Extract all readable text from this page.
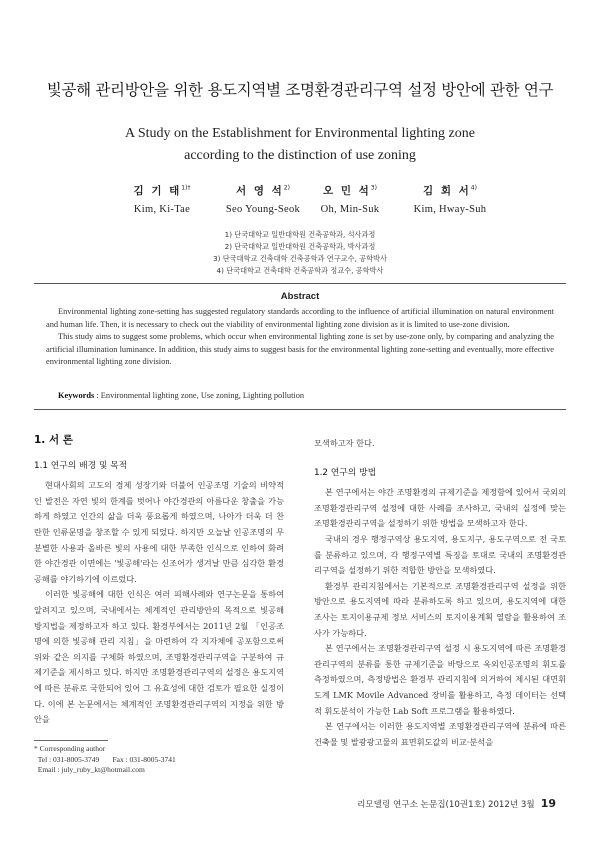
빛공해 관리방안을 위한 용도지역별 조명환경관리구역 설정 방안에 관한 연구
A Study on the Establishment for Environmental lighting zone
according to the distinction of use zoning
김 기 태$^{1)\dagger}$
Kim, Ki-Tae
서 영 석$^{2)}$
Seo Young-Seok
오 민 석$^{3)}$
Oh, Min-Suk
김 회 서$^{4)}$
Kim, Hway-Suh
1) 단국대학교 일반대학원 건축공학과, 석사과정
2) 단국대학교 일반대학원 건축공학과, 박사과정
3) 단국대학교 건축대학 건축공학과 연구교수, 공학박사
4) 단국대학교 건축대학 건축공학과 정교수, 공학박사
Abstract

Environmental lighting zone-setting has suggested regulatory standards according to the influence of artificial illumination on natural environment and human life. Then, it is necessary to check out the viability of environmental lighting zone division as it is limited to use-zone division.

This study aims to suggest some problems, which occur when environmental lighting zone is set by use-zone only, by comparing and analyzing the artificial illumination luminance. In addition, this study aims to suggest basis for the environmental lighting zone-setting and eventually, more effective environmental lighting zone division.

Keywords : Environmental lighting zone, Use zoning, Lighting pollution
1. 서 론
1.1 연구의 배경 및 목적

현대사회의 고도의 경제 성장기와 더불어 인공조명 기술의 비약적인 발전은 자연 빛의 한계를 벗어나 야간경관의 아름다운 창출을 가능하게 하였고 인간의 삶을 더욱 풍요롭게 하였으며, 나아가 더욱 더 찬란한 인류문명을 창조할 수 있게 되었다. 하지만 오늘날 인공조명의 무분별한 사용과 올바른 빛의 사용에 대한 부족한 인식으로 인하여 화려한 야간경관 이면에는 '빛공해'라는 신조어가 생겨날 만큼 심각한 환경공해를 야기하기에 이르렀다.

이러한 빛공해에 대한 인식은 여러 피해사례와 연구논문을 통하여 알려지고 있으며, 국내에서는 체계적인 관리방안의 목적으로 빛공해 방지법을 제정하고자 하고 있다. 환경부에서는 2011년 2월 「인공조명에 의한 빛공해 관리 지침」을 마련하여 각 지자체에 공포함으로써 위와 같은 의지를 구체화 하였으며, 조명환경관리구역을 구분하여 규제기준을 제시하고 있다. 하지만 조명환경관리구역의 설정은 용도지역에 따른 분류로 국한되어 있어 그 유효성에 대한 검토가 필요한 실정이다. 이에 본 논문에서는 체계적인 조명환경관리구역의 지정을 위한 방안을

모색하고자 한다.
1.2 연구의 방법

본 연구에서는 야간 조명환경의 규제기준을 제정함에 있어서 국외의 조명환경관리구역 설정에 대한 사례를 조사하고, 국내의 실정에 맞는 조명환경관리구역을 설정하기 위한 방법을 모색하고자 한다.

국내의 경우 행정구역상 용도지역, 용도지구, 용도구역으로 전 국토를 분류하고 있으며, 각 행정구역별 특징을 토대로 국내의 조명환경관리구역을 설정하기 위한 적합한 방안을 모색하였다.

환경부 관리지침에서는 기본적으로 조명환경관리구역 설정을 위한 방안으로 용도지역에 따라 분류하도록 하고 있으며, 용도지역에 대한 조사는 토지이용규제 정보 서비스의 토지이용계획 열람을 활용하여 조사가 가능하다.

본 연구에서는 조명환경관리구역 설정 시 용도지역에 따른 조명환경관리구역의 분류를 통한 규제기준을 바탕으로 옥외인공조명의 휘도를 측정하였으며, 측정방법은 환경부 관리지침에 의거하여 제시된 대면휘도계 LMK Movile Advanced 장비를 활용하고, 측정 데이터는 선택적 휘도분석이 가능한 Lab Soft 프로그램을 활용하였다.

본 연구에서는 이러한 용도지역별 조명환경관리구역에 분류에 따른 건축물 및 발광광고물의 표면휘도값의 비교·분석을

* Corresponding author
Tel : 031-8005-3749 Fax : 031-8005-3741
Email : july_ruby_kt@hotmail.com
리모델링 연구소 논문집(10권1호) 2012년 3월 19
